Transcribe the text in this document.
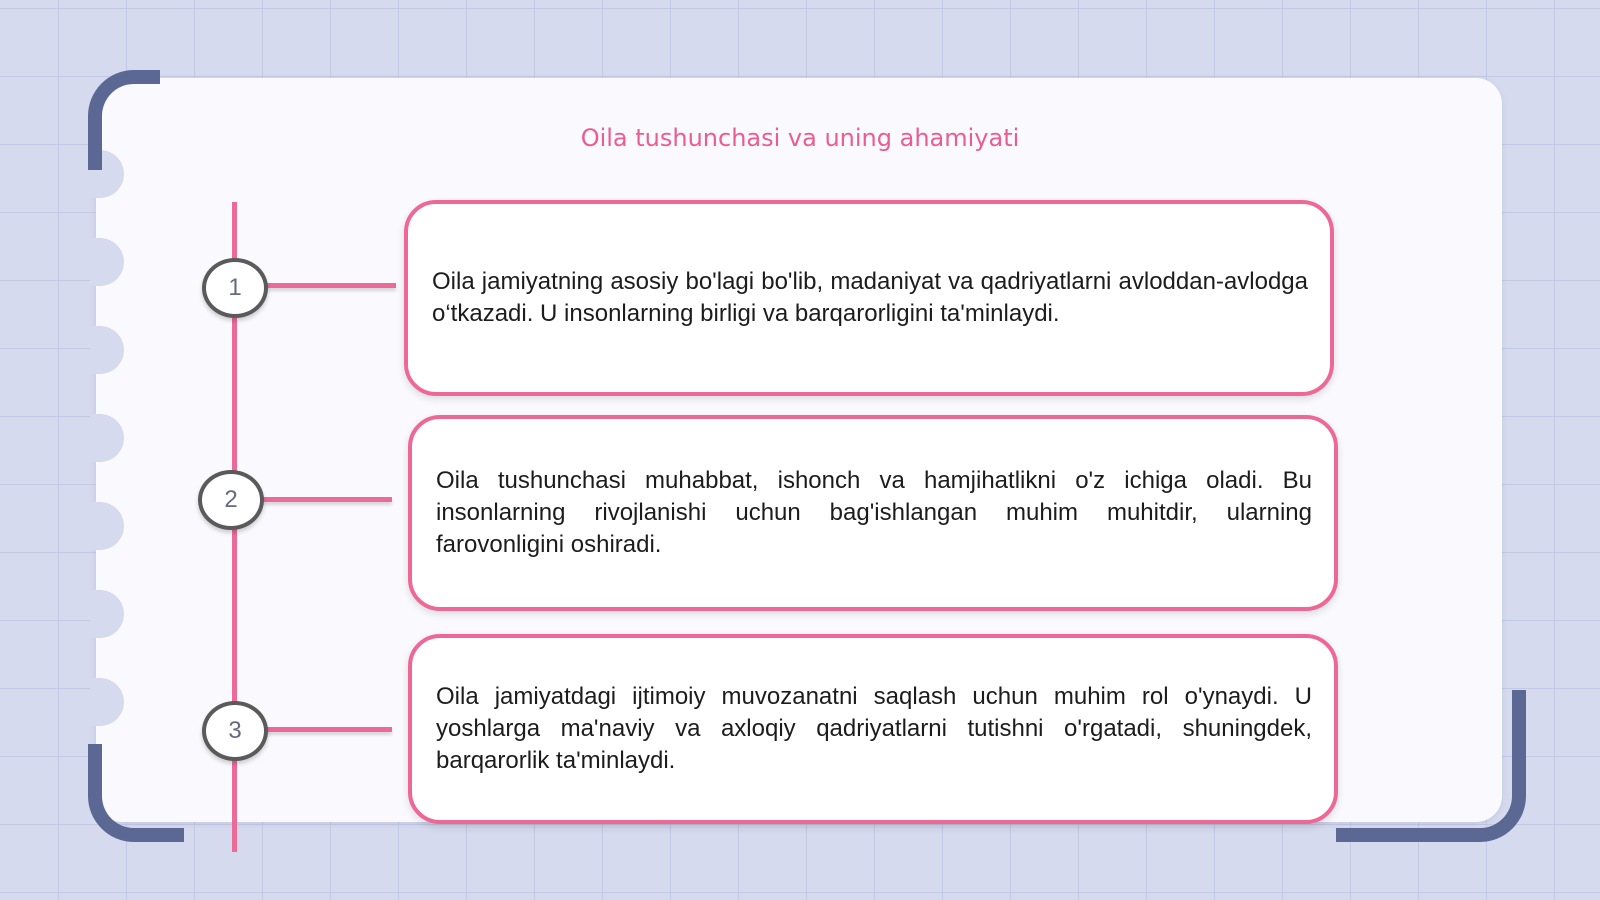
Oila tushunchasi va uning ahamiyati
1
2
3

Oila jamiyatning asosiy bo'lagi bo'lib, madaniyat va qadriyatlarni avloddan-avlodga o‘tkazadi. U insonlarning birligi va barqarorligini ta'minlaydi.

Oila tushunchasi muhabbat, ishonch va hamjihatlikni o'z ichiga oladi. Bu insonlarning rivojlanishi uchun bag'ishlangan muhim muhitdir, ularning farovonligini oshiradi.

Oila jamiyatdagi ijtimoiy muvozanatni saqlash uchun muhim rol o'ynaydi. U yoshlarga ma'naviy va axloqiy qadriyatlarni tutishni o'rgatadi, shuningdek, barqarorlik ta'minlaydi.
